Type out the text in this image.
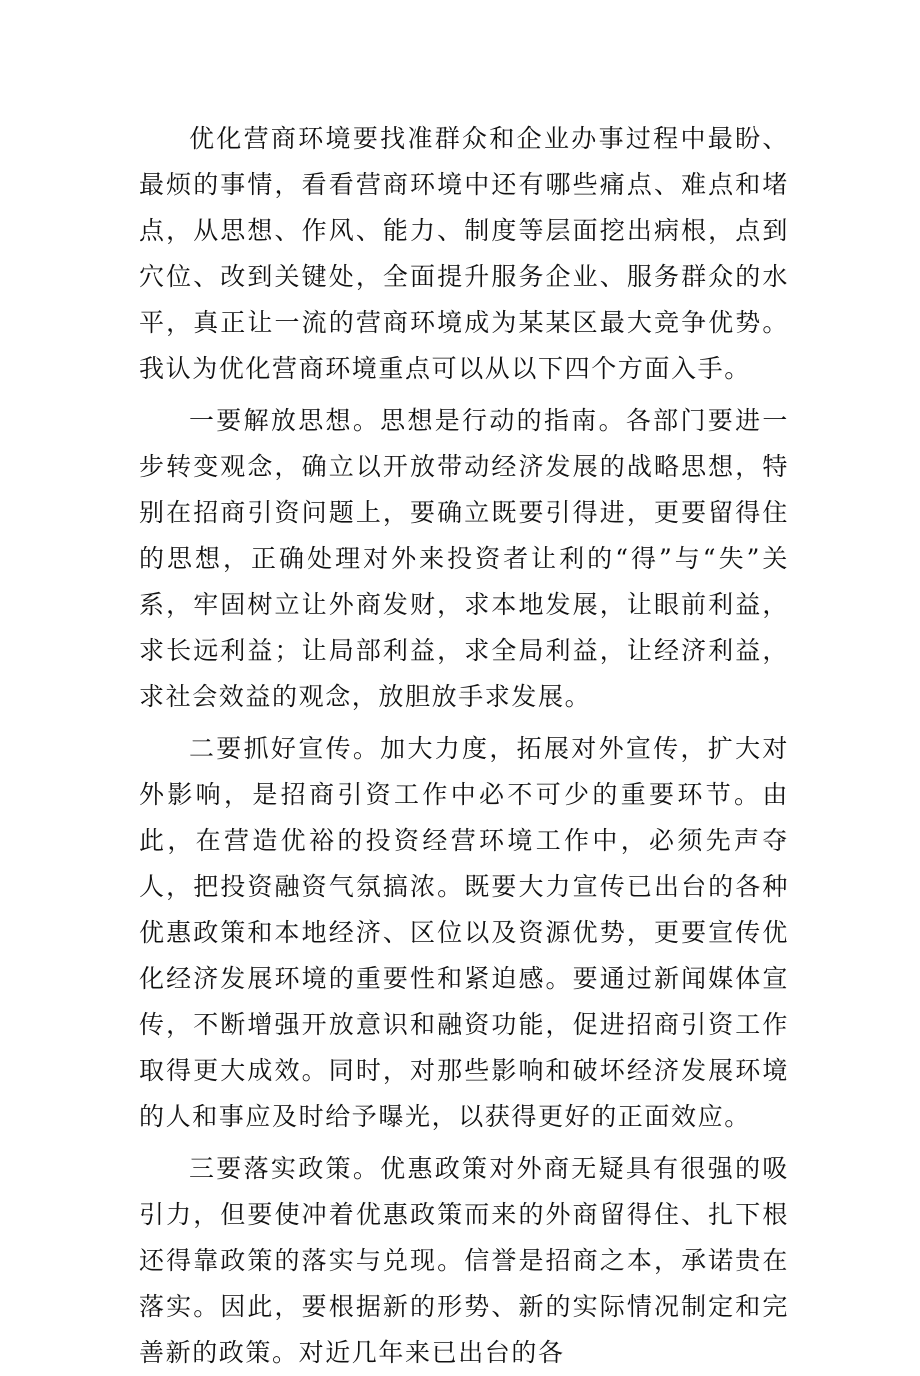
优化营商环境要找准群众和企业办事过程中最盼、最烦的事情，看看营商环境中还有哪些痛点、难点和堵点，从思想、作风、能力、制度等层面挖出病根，点到穴位、改到关键处，全面提升服务企业、服务群众的水平，真正让一流的营商环境成为某某区最大竞争优势。我认为优化营商环境重点可以从以下四个方面入手。

一要解放思想。思想是行动的指南。各部门要进一步转变观念，确立以开放带动经济发展的战略思想，特别在招商引资问题上，要确立既要引得进，更要留得住的思想，正确处理对外来投资者让利的“得”与“失”关系，牢固树立让外商发财，求本地发展，让眼前利益，求长远利益；让局部利益，求全局利益，让经济利益，求社会效益的观念，放胆放手求发展。

二要抓好宣传。加大力度，拓展对外宣传，扩大对外影响，是招商引资工作中必不可少的重要环节。由此，在营造优裕的投资经营环境工作中，必须先声夺人，把投资融资气氛搞浓。既要大力宣传已出台的各种优惠政策和本地经济、区位以及资源优势，更要宣传优化经济发展环境的重要性和紧迫感。要通过新闻媒体宣传，不断增强开放意识和融资功能，促进招商引资工作取得更大成效。同时，对那些影响和破坏经济发展环境的人和事应及时给予曝光，以获得更好的正面效应。

三要落实政策。优惠政策对外商无疑具有很强的吸引力，但要使冲着优惠政策而来的外商留得住、扎下根还得靠政策的落实与兑现。信誉是招商之本，承诺贵在落实。因此，要根据新的形势、新的实际情况制定和完善新的政策。对近几年来已出台的各
